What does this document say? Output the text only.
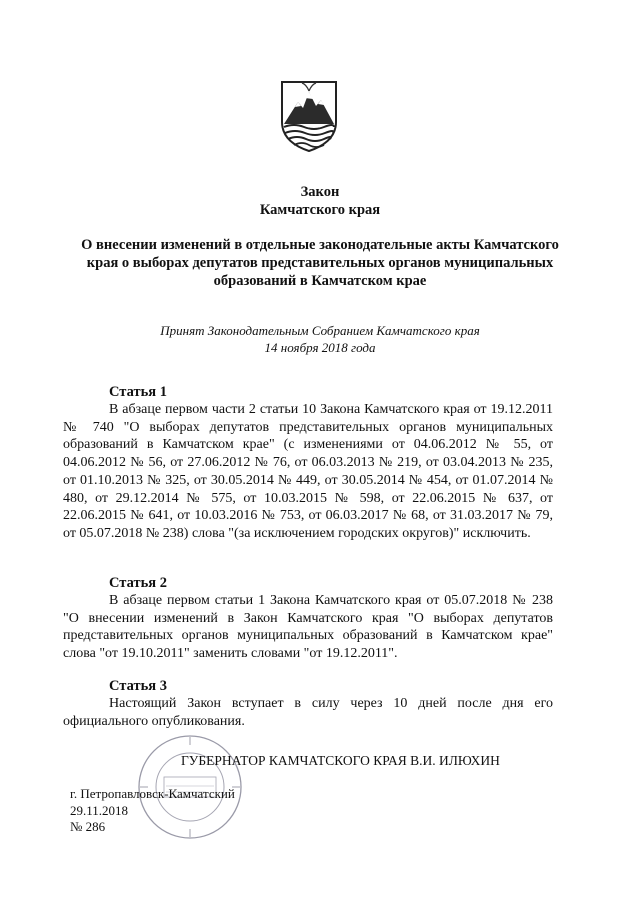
Закон
Камчатского края
О внесении изменений в отдельные законодательные акты Камчатского
края о выборах депутатов представительных органов муниципальных
образований в Камчатском крае
Принят Законодательным Собранием Камчатского края
14 ноября 2018 года
Статья 1

В абзаце первом части 2 статьи 10 Закона Камчатского края от 19.12.2011 № 740 "О выборах депутатов представительных органов муниципальных образований в Камчатском крае" (с изменениями от 04.06.2012 № 55, от 04.06.2012 № 56, от 27.06.2012 № 76, от 06.03.2013 № 219, от 03.04.2013 № 235, от 01.10.2013 № 325, от 30.05.2014 № 449, от 30.05.2014 № 454, от 01.07.2014 № 480, от 29.12.2014 № 575, от 10.03.2015 № 598, от 22.06.2015 № 637, от 22.06.2015 № 641, от 10.03.2016 № 753, от 06.03.2017 № 68, от 31.03.2017 № 79, от 05.07.2018 № 238) слова "(за исключением городских округов)" исключить.

Статья 2

В абзаце первом статьи 1 Закона Камчатского края от 05.07.2018 № 238 "О внесении изменений в Закон Камчатского края "О выборах депутатов представительных органов муниципальных образований в Камчатском крае" слова "от 19.10.2011" заменить словами "от 19.12.2011".

Статья 3

Настоящий Закон вступает в силу через 10 дней после дня его официального опубликования.

ГУБЕРНАТОР КАМЧАТСКОГО КРАЯ В.И. ИЛЮХИН
г. Петропавловск-Камчатский
29.11.2018
№ 286
